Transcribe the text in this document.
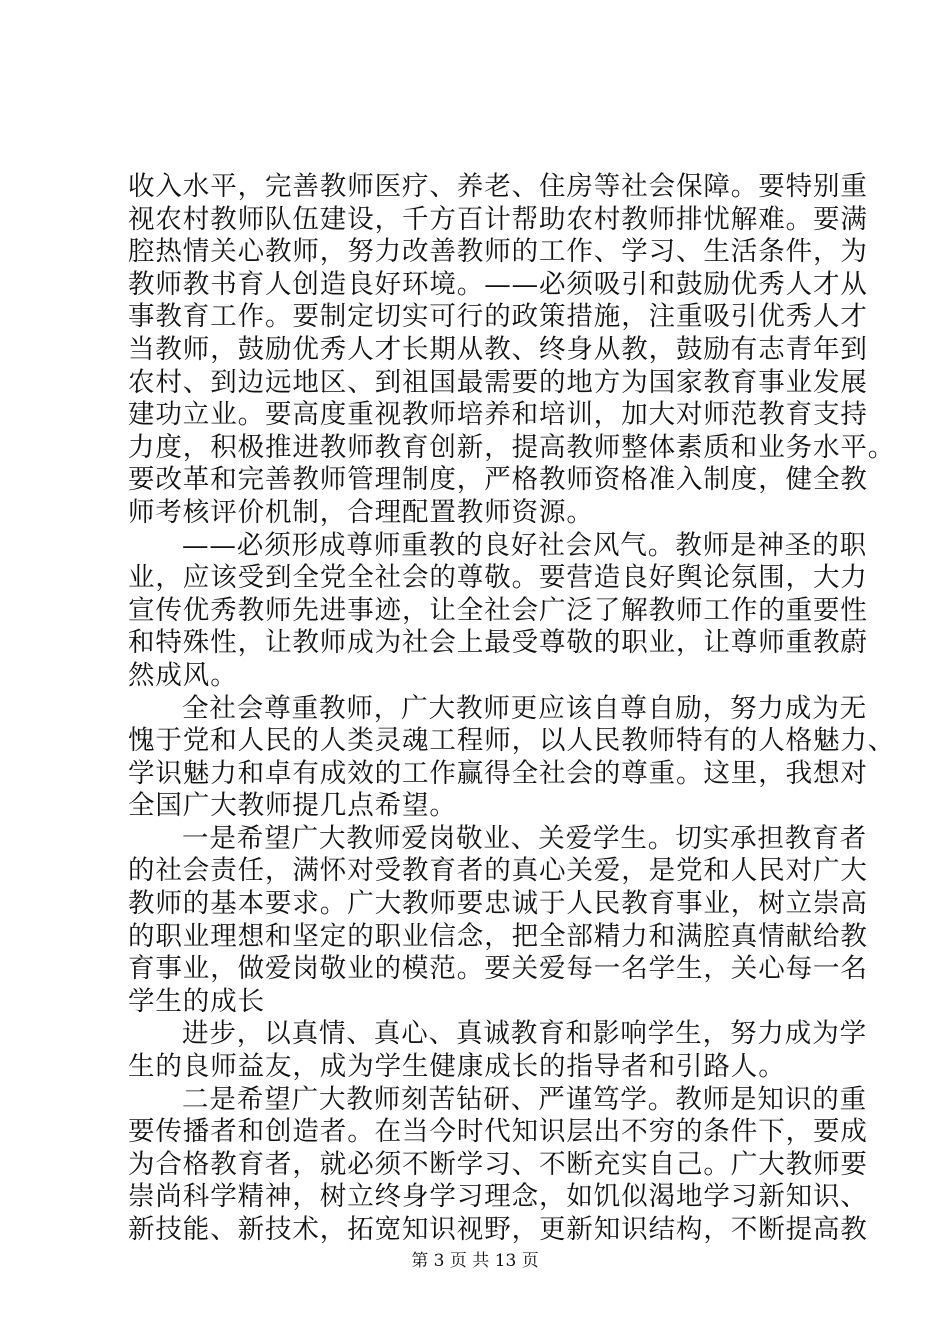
收入水平，完善教师医疗、养老、住房等社会保障。要特别重
视农村教师队伍建设，千方百计帮助农村教师排忧解难。要满
腔热情关心教师，努力改善教师的工作、学习、生活条件，为
教师教书育人创造良好环境。——必须吸引和鼓励优秀人才从
事教育工作。要制定切实可行的政策措施，注重吸引优秀人才
当教师，鼓励优秀人才长期从教、终身从教，鼓励有志青年到
农村、到边远地区、到祖国最需要的地方为国家教育事业发展
建功立业。要高度重视教师培养和培训，加大对师范教育支持
力度，积极推进教师教育创新，提高教师整体素质和业务水平。
要改革和完善教师管理制度，严格教师资格准入制度，健全教
师考核评价机制，合理配置教师资源。
——必须形成尊师重教的良好社会风气。教师是神圣的职
业，应该受到全党全社会的尊敬。要营造良好舆论氛围，大力
宣传优秀教师先进事迹，让全社会广泛了解教师工作的重要性
和特殊性，让教师成为社会上最受尊敬的职业，让尊师重教蔚
然成风。
全社会尊重教师，广大教师更应该自尊自励，努力成为无
愧于党和人民的人类灵魂工程师，以人民教师特有的人格魅力、
学识魅力和卓有成效的工作赢得全社会的尊重。这里，我想对
全国广大教师提几点希望。
一是希望广大教师爱岗敬业、关爱学生。切实承担教育者
的社会责任，满怀对受教育者的真心关爱，是党和人民对广大
教师的基本要求。广大教师要忠诚于人民教育事业，树立崇高
的职业理想和坚定的职业信念，把全部精力和满腔真情献给教
育事业，做爱岗敬业的模范。要关爱每一名学生，关心每一名
学生的成长
进步，以真情、真心、真诚教育和影响学生，努力成为学
生的良师益友，成为学生健康成长的指导者和引路人。
二是希望广大教师刻苦钻研、严谨笃学。教师是知识的重
要传播者和创造者。在当今时代知识层出不穷的条件下，要成
为合格教育者，就必须不断学习、不断充实自己。广大教师要
崇尚科学精神，树立终身学习理念，如饥似渴地学习新知识、
新技能、新技术，拓宽知识视野，更新知识结构，不断提高教
第 3 页 共 13 页
